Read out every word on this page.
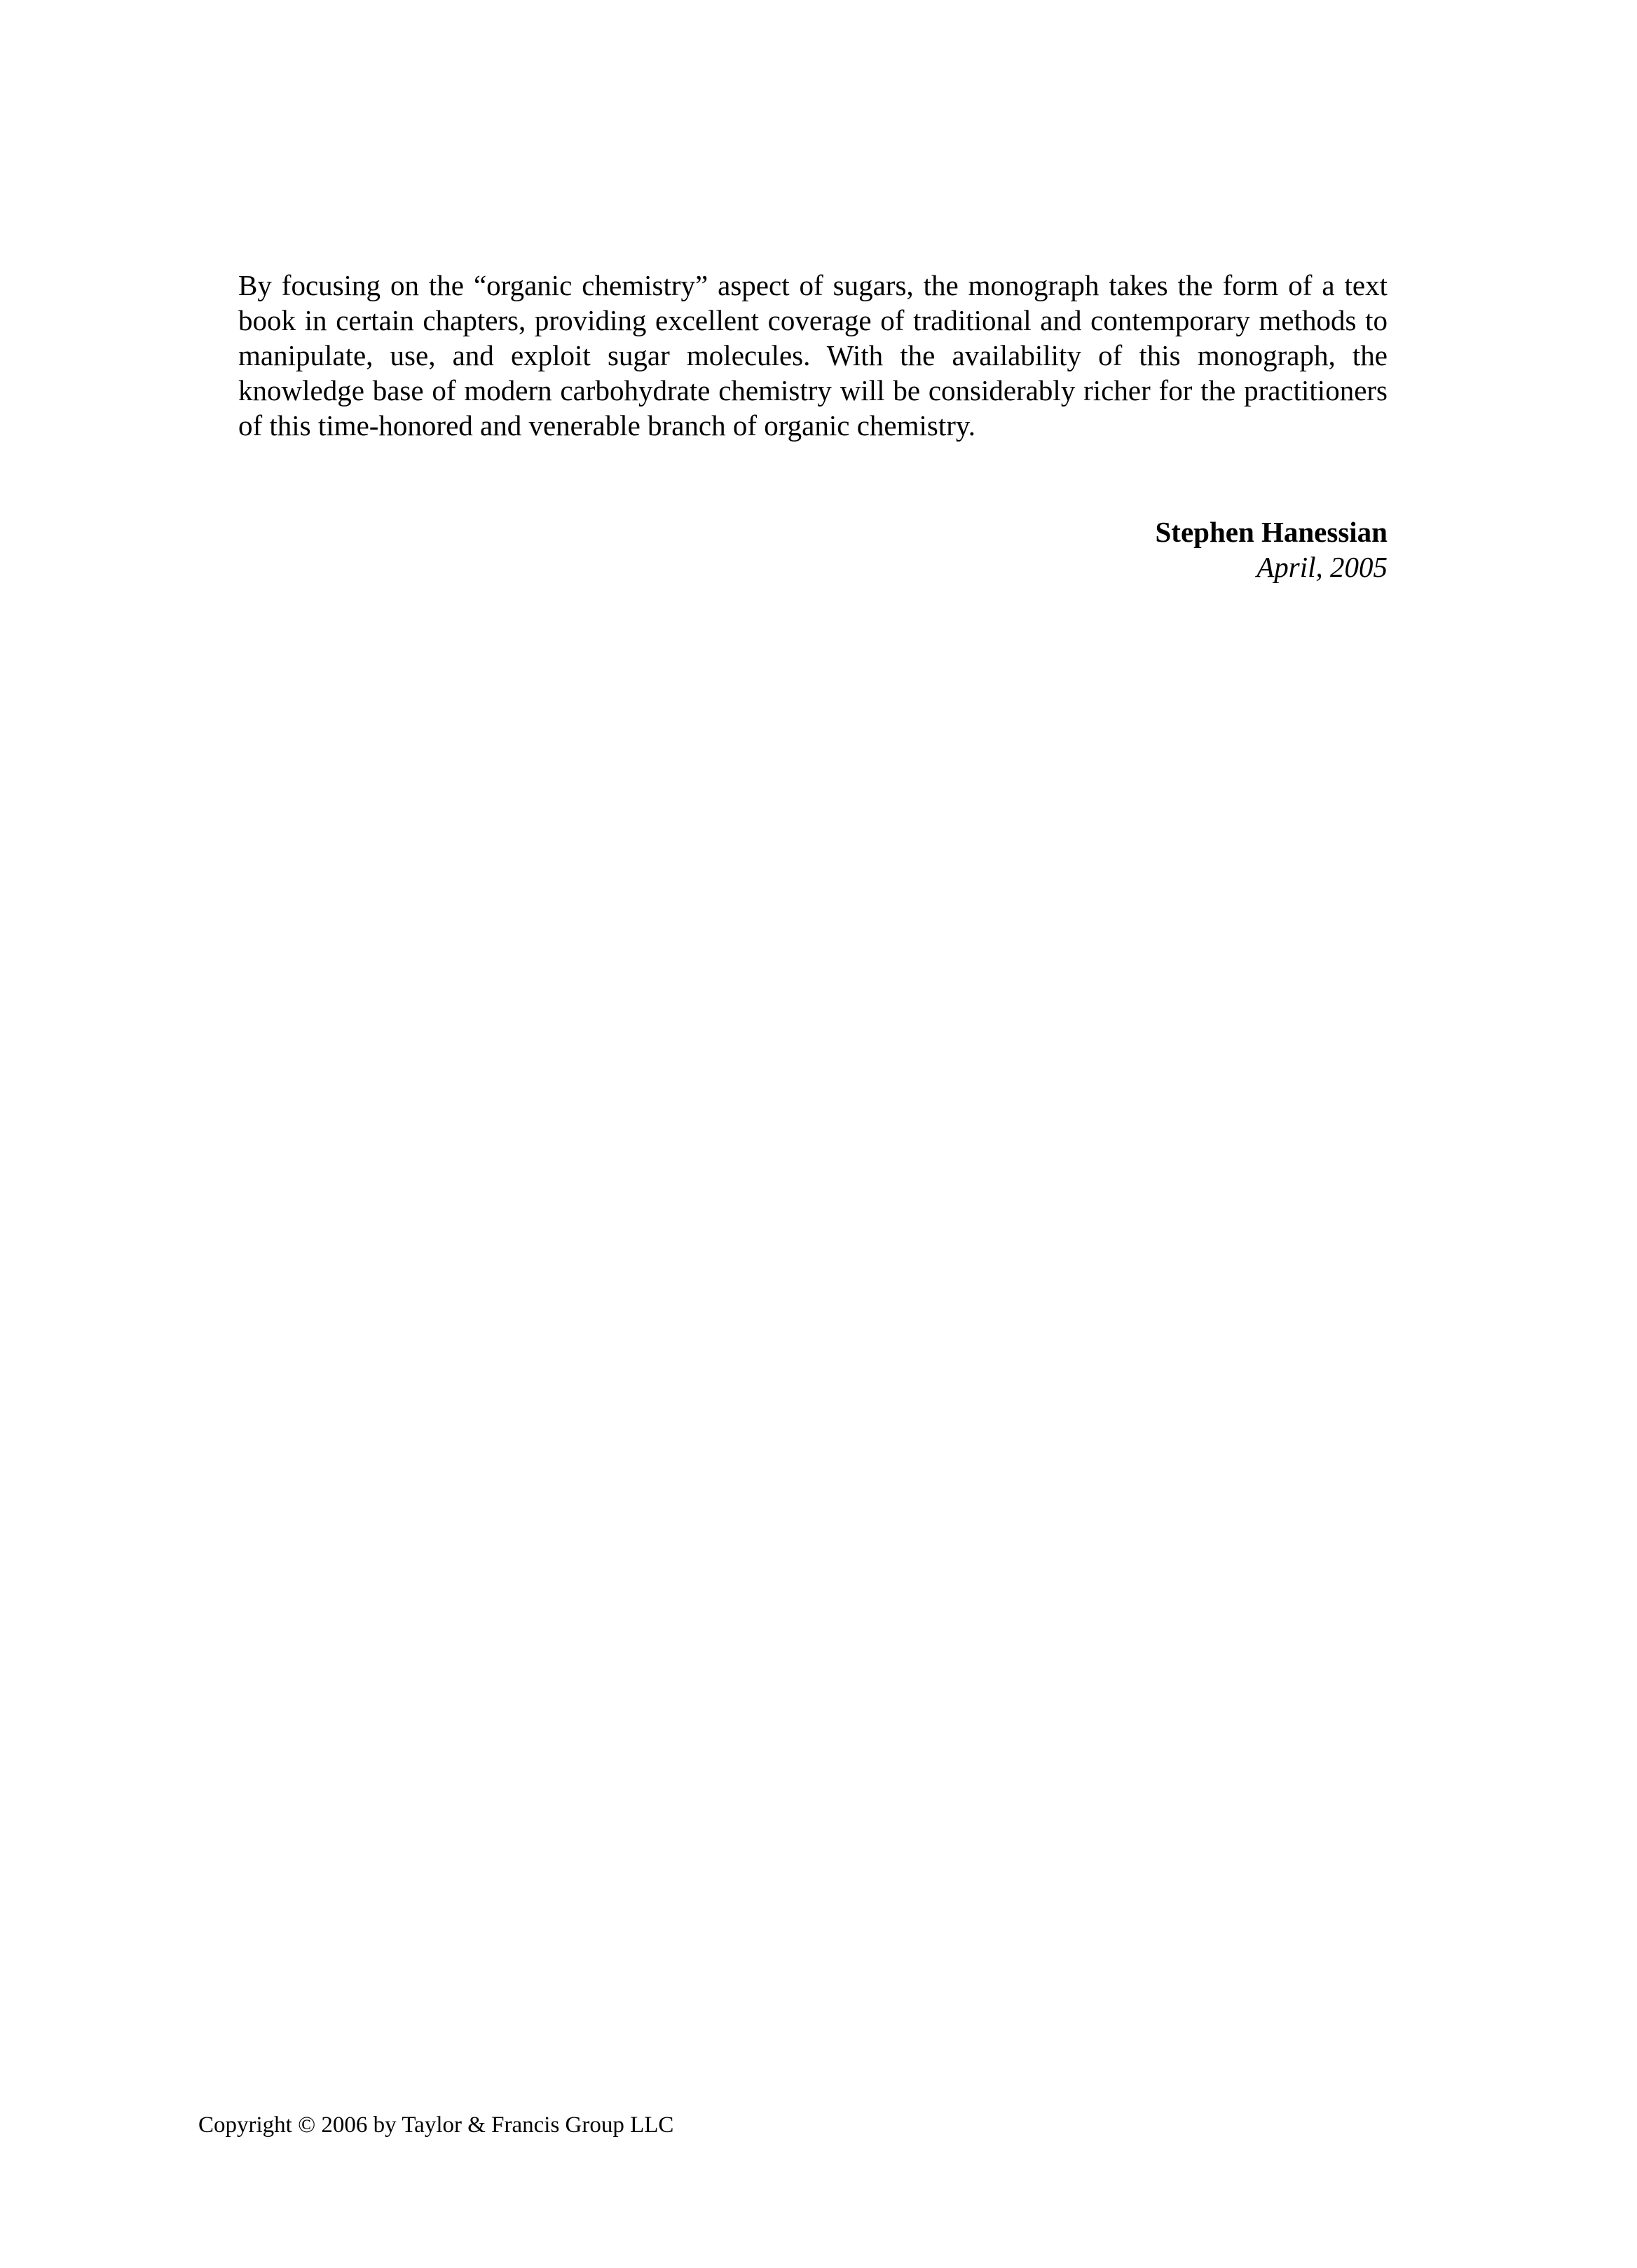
By focusing on the “organic chemistry” aspect of sugars, the monograph takes the form of a text book in certain chapters, providing excellent coverage of traditional and contemporary methods to manipulate, use, and exploit sugar molecules. With the availability of this monograph, the knowledge base of modern carbohydrate chemistry will be considerably richer for the practitioners of this time-honored and venerable branch of organic chemistry.

Stephen Hanessian
April, 2005
Copyright © 2006 by Taylor & Francis Group LLC
